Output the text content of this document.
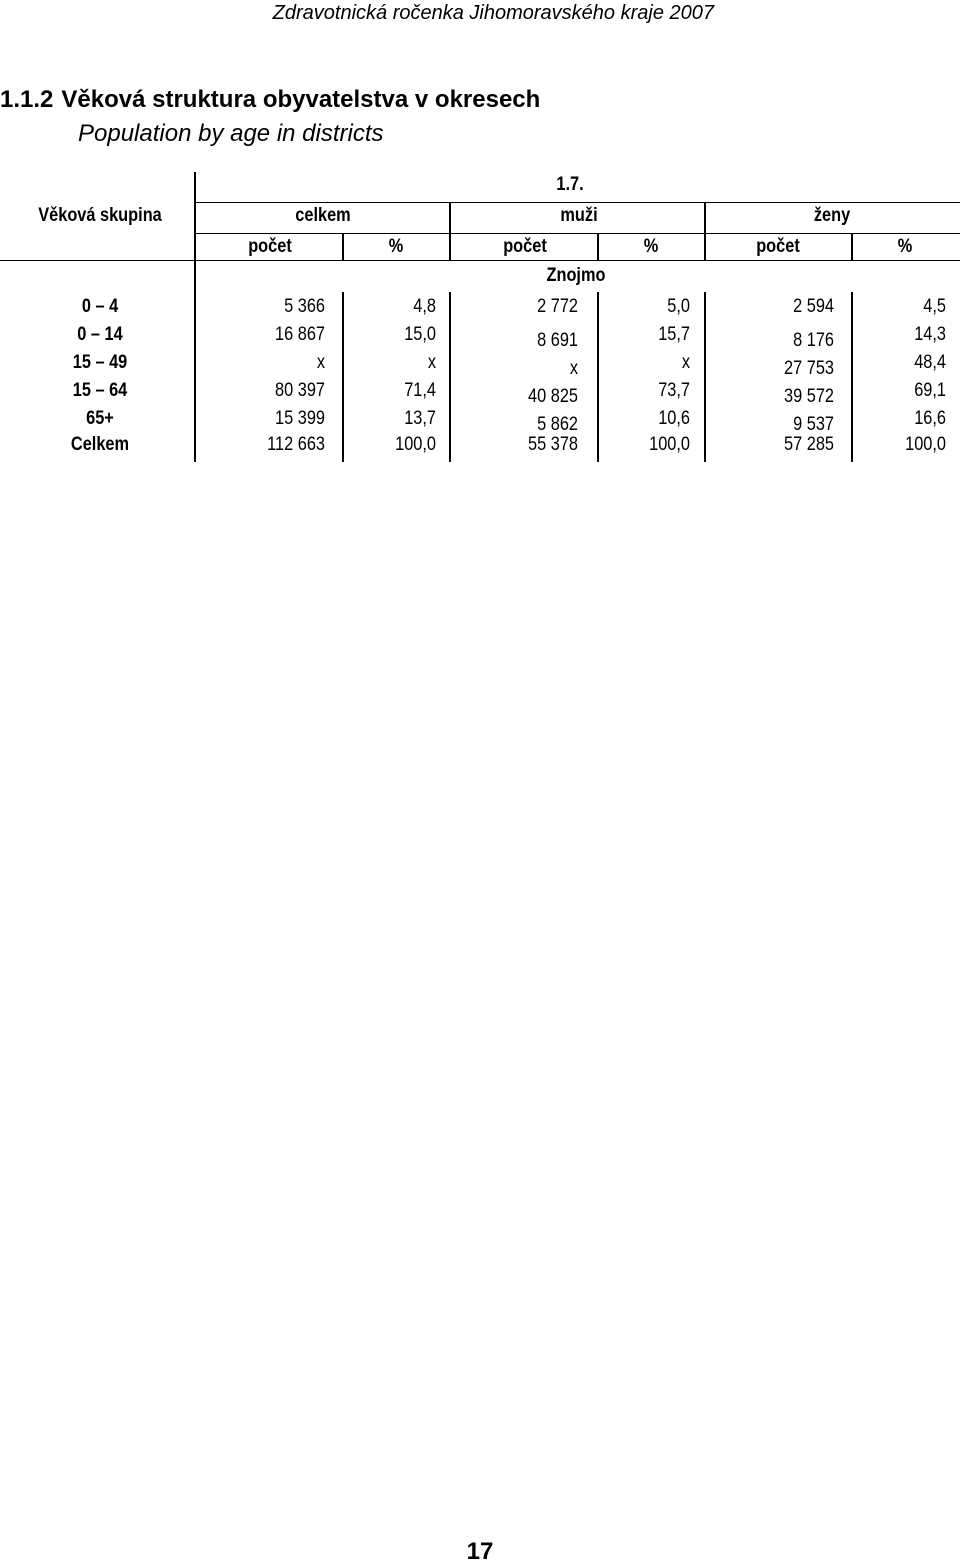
Zdravotnická ročenka Jihomoravského kraje 2007
1.1.2 Věková struktura obyvatelstva v okresech
Population by age in districts
1.7.
Věková skupina	celkem	muži	ženy
počet	%	počet	%	počet	%
Znojmo
0 – 4	5 366	4,8	2 772	5,0	2 594	4,5
0 – 14	16 867	15,0	8 691	15,7	8 176	14,3
15 – 49	x	x	x	x	27 753	48,4
15 – 64	80 397	71,4	40 825	73,7	39 572	69,1
65+	15 399	13,7	5 862	10,6	9 537	16,6
Celkem	112 663	100,0	55 378	100,0	57 285	100,0
17
